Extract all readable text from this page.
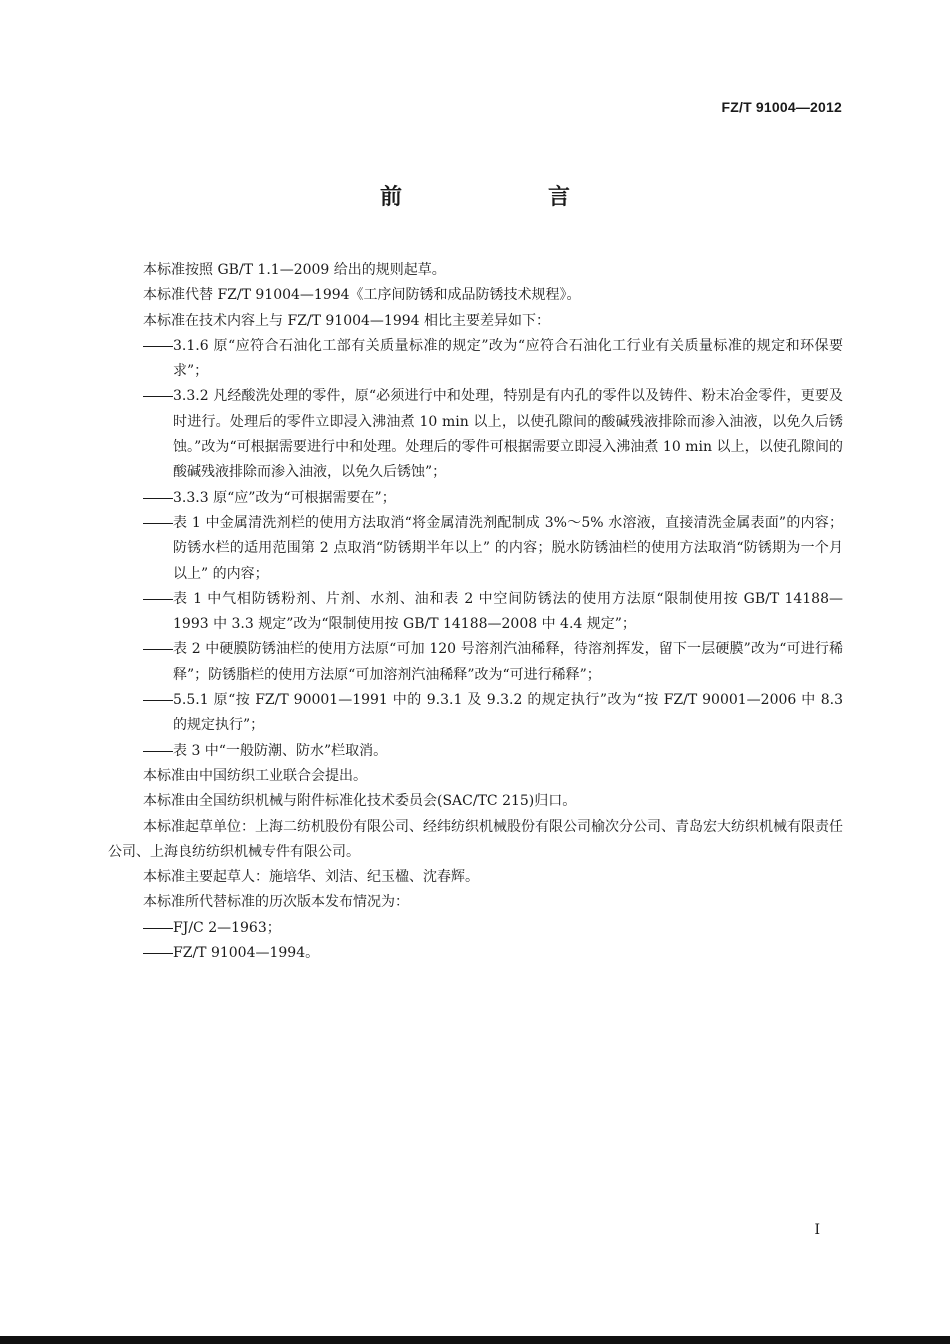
FZ/T 91004—2012
前　言

本标准按照 GB/T 1.1—2009 给出的规则起草。

本标准代替 FZ/T 91004—1994《工序间防锈和成品防锈技术规程》。

本标准在技术内容上与 FZ/T 91004—1994 相比主要差异如下：

3.1.6 原“应符合石油化工部有关质量标准的规定”改为“应符合石油化工行业有关质量标准的规定和环保要求”；

3.3.2 凡经酸洗处理的零件，原“必须进行中和处理，特别是有内孔的零件以及铸件、粉末冶金零件，更要及时进行。处理后的零件立即浸入沸油煮 10 min 以上，以使孔隙间的酸碱残液排除而渗入油液，以免久后锈蚀。”改为“可根据需要进行中和处理。处理后的零件可根据需要立即浸入沸油煮 10 min 以上，以使孔隙间的酸碱残液排除而渗入油液，以免久后锈蚀”；

3.3.3 原“应”改为“可根据需要在”；

表 1 中金属清洗剂栏的使用方法取消“将金属清洗剂配制成 3%～5% 水溶液，直接清洗金属表面”的内容；防锈水栏的适用范围第 2 点取消“防锈期半年以上” 的内容；脱水防锈油栏的使用方法取消“防锈期为一个月以上” 的内容；

表 1 中气相防锈粉剂、片剂、水剂、油和表 2 中空间防锈法的使用方法原“限制使用按 GB/T 14188—1993 中 3.3 规定”改为“限制使用按 GB/T 14188—2008 中 4.4 规定”；

表 2 中硬膜防锈油栏的使用方法原“可加 120 号溶剂汽油稀释，待溶剂挥发，留下一层硬膜”改为“可进行稀释”；防锈脂栏的使用方法原“可加溶剂汽油稀释”改为“可进行稀释”；

5.5.1 原“按 FZ/T 90001—1991 中的 9.3.1 及 9.3.2 的规定执行”改为“按 FZ/T 90001—2006 中 8.3 的规定执行”；

表 3 中“一般防潮、防水”栏取消。

本标准由中国纺织工业联合会提出。

本标准由全国纺织机械与附件标准化技术委员会(SAC/TC 215)归口。

本标准起草单位：上海二纺机股份有限公司、经纬纺织机械股份有限公司榆次分公司、青岛宏大纺织机械有限责任公司、上海良纺纺织机械专件有限公司。

本标准主要起草人：施培华、刘洁、纪玉楹、沈春辉。

本标准所代替标准的历次版本发布情况为：

FJ/C 2—1963；

FZ/T 91004—1994。

I
